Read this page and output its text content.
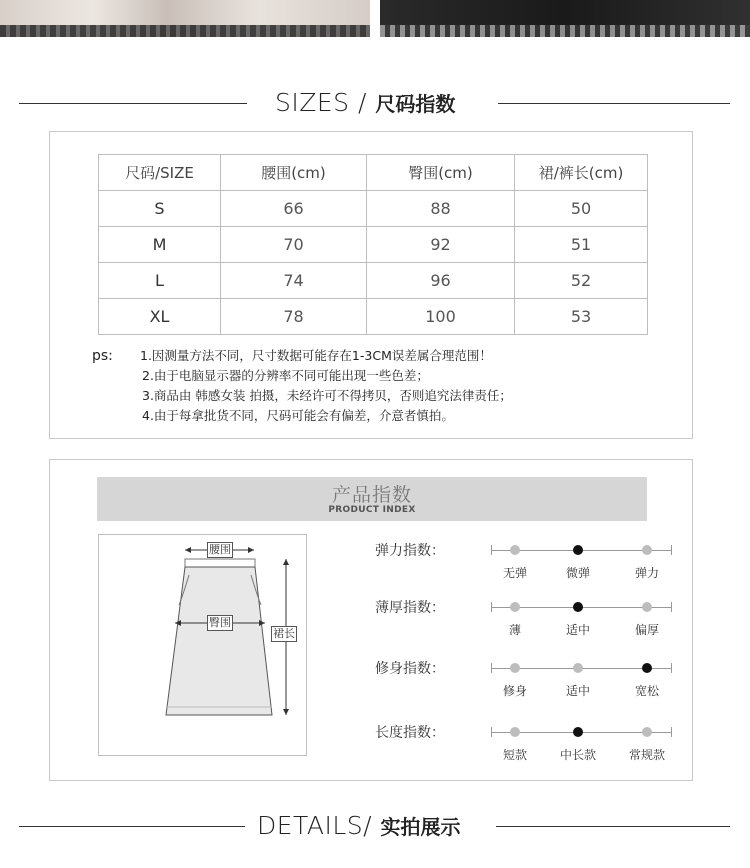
SIZES / 尺码指数
尺码/SIZE	腰围(cm)	臀围(cm)	裙/裤长(cm)
S	66	88	50
M	70	92	51
L	74	96	52
XL	78	100	53
ps: 1.因测量方法不同，尺寸数据可能存在1-3CM误差属合理范围！
2.由于电脑显示器的分辨率不同可能出现一些色差；
3.商品由 韩感女装 拍摄，未经许可不得拷贝，否则追究法律责任；
4.由于每拿批货不同，尺码可能会有偏差，介意者慎拍。
产品指数
PRODUCT INDEX
腰围
臀围
裙长
弹力指数：
无弹	微弹	弹力
薄厚指数：
薄	适中	偏厚
修身指数：
修身	适中	宽松
长度指数：
短款	中长款	常规款
DETAILS/ 实拍展示
